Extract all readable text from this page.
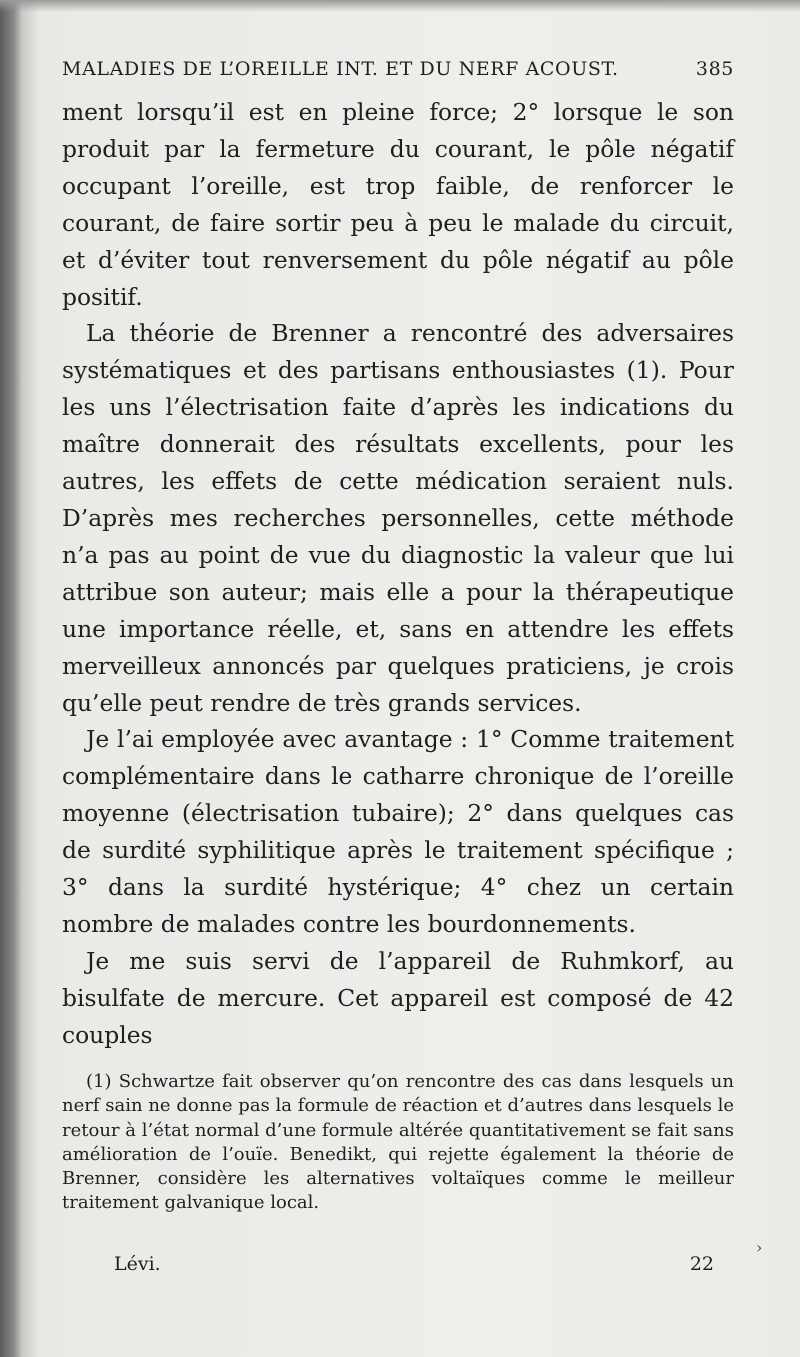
MALADIES DE L’OREILLE INT. ET DU NERF ACOUST.	385

ment lorsqu’il est en pleine force; 2° lorsque le son produit par la fermeture du courant, le pôle négatif occupant l’oreille, est trop faible, de renforcer le courant, de faire sortir peu à peu le malade du circuit, et d’éviter tout renversement du pôle négatif au pôle positif.

La théorie de Brenner a rencontré des adversaires systématiques et des partisans enthousiastes (1). Pour les uns l’électrisation faite d’après les indications du maître donnerait des résultats excellents, pour les autres, les effets de cette médication seraient nuls. D’après mes recherches personnelles, cette méthode n’a pas au point de vue du diagnostic la valeur que lui attribue son auteur; mais elle a pour la thérapeutique une importance réelle, et, sans en attendre les effets merveilleux annoncés par quelques praticiens, je crois qu’elle peut rendre de très grands services.

Je l’ai employée avec avantage : 1° Comme traitement complémentaire dans le catharre chronique de l’oreille moyenne (électrisation tubaire); 2° dans quelques cas de surdité syphilitique après le traitement spécifique ; 3° dans la surdité hystérique; 4° chez un certain nombre de malades contre les bourdonnements.

Je me suis servi de l’appareil de Ruhmkorf, au bisulfate de mercure. Cet appareil est composé de 42 couples

(1) Schwartze fait observer qu’on rencontre des cas dans lesquels un nerf sain ne donne pas la formule de réaction et d’autres dans lesquels le retour à l’état normal d’une formule altérée quantitativement se fait sans amélioration de l’ouïe. Benedikt, qui rejette également la théorie de Brenner, considère les alternatives voltaïques comme le meilleur traitement galvanique local.

Lévi.	22
›
